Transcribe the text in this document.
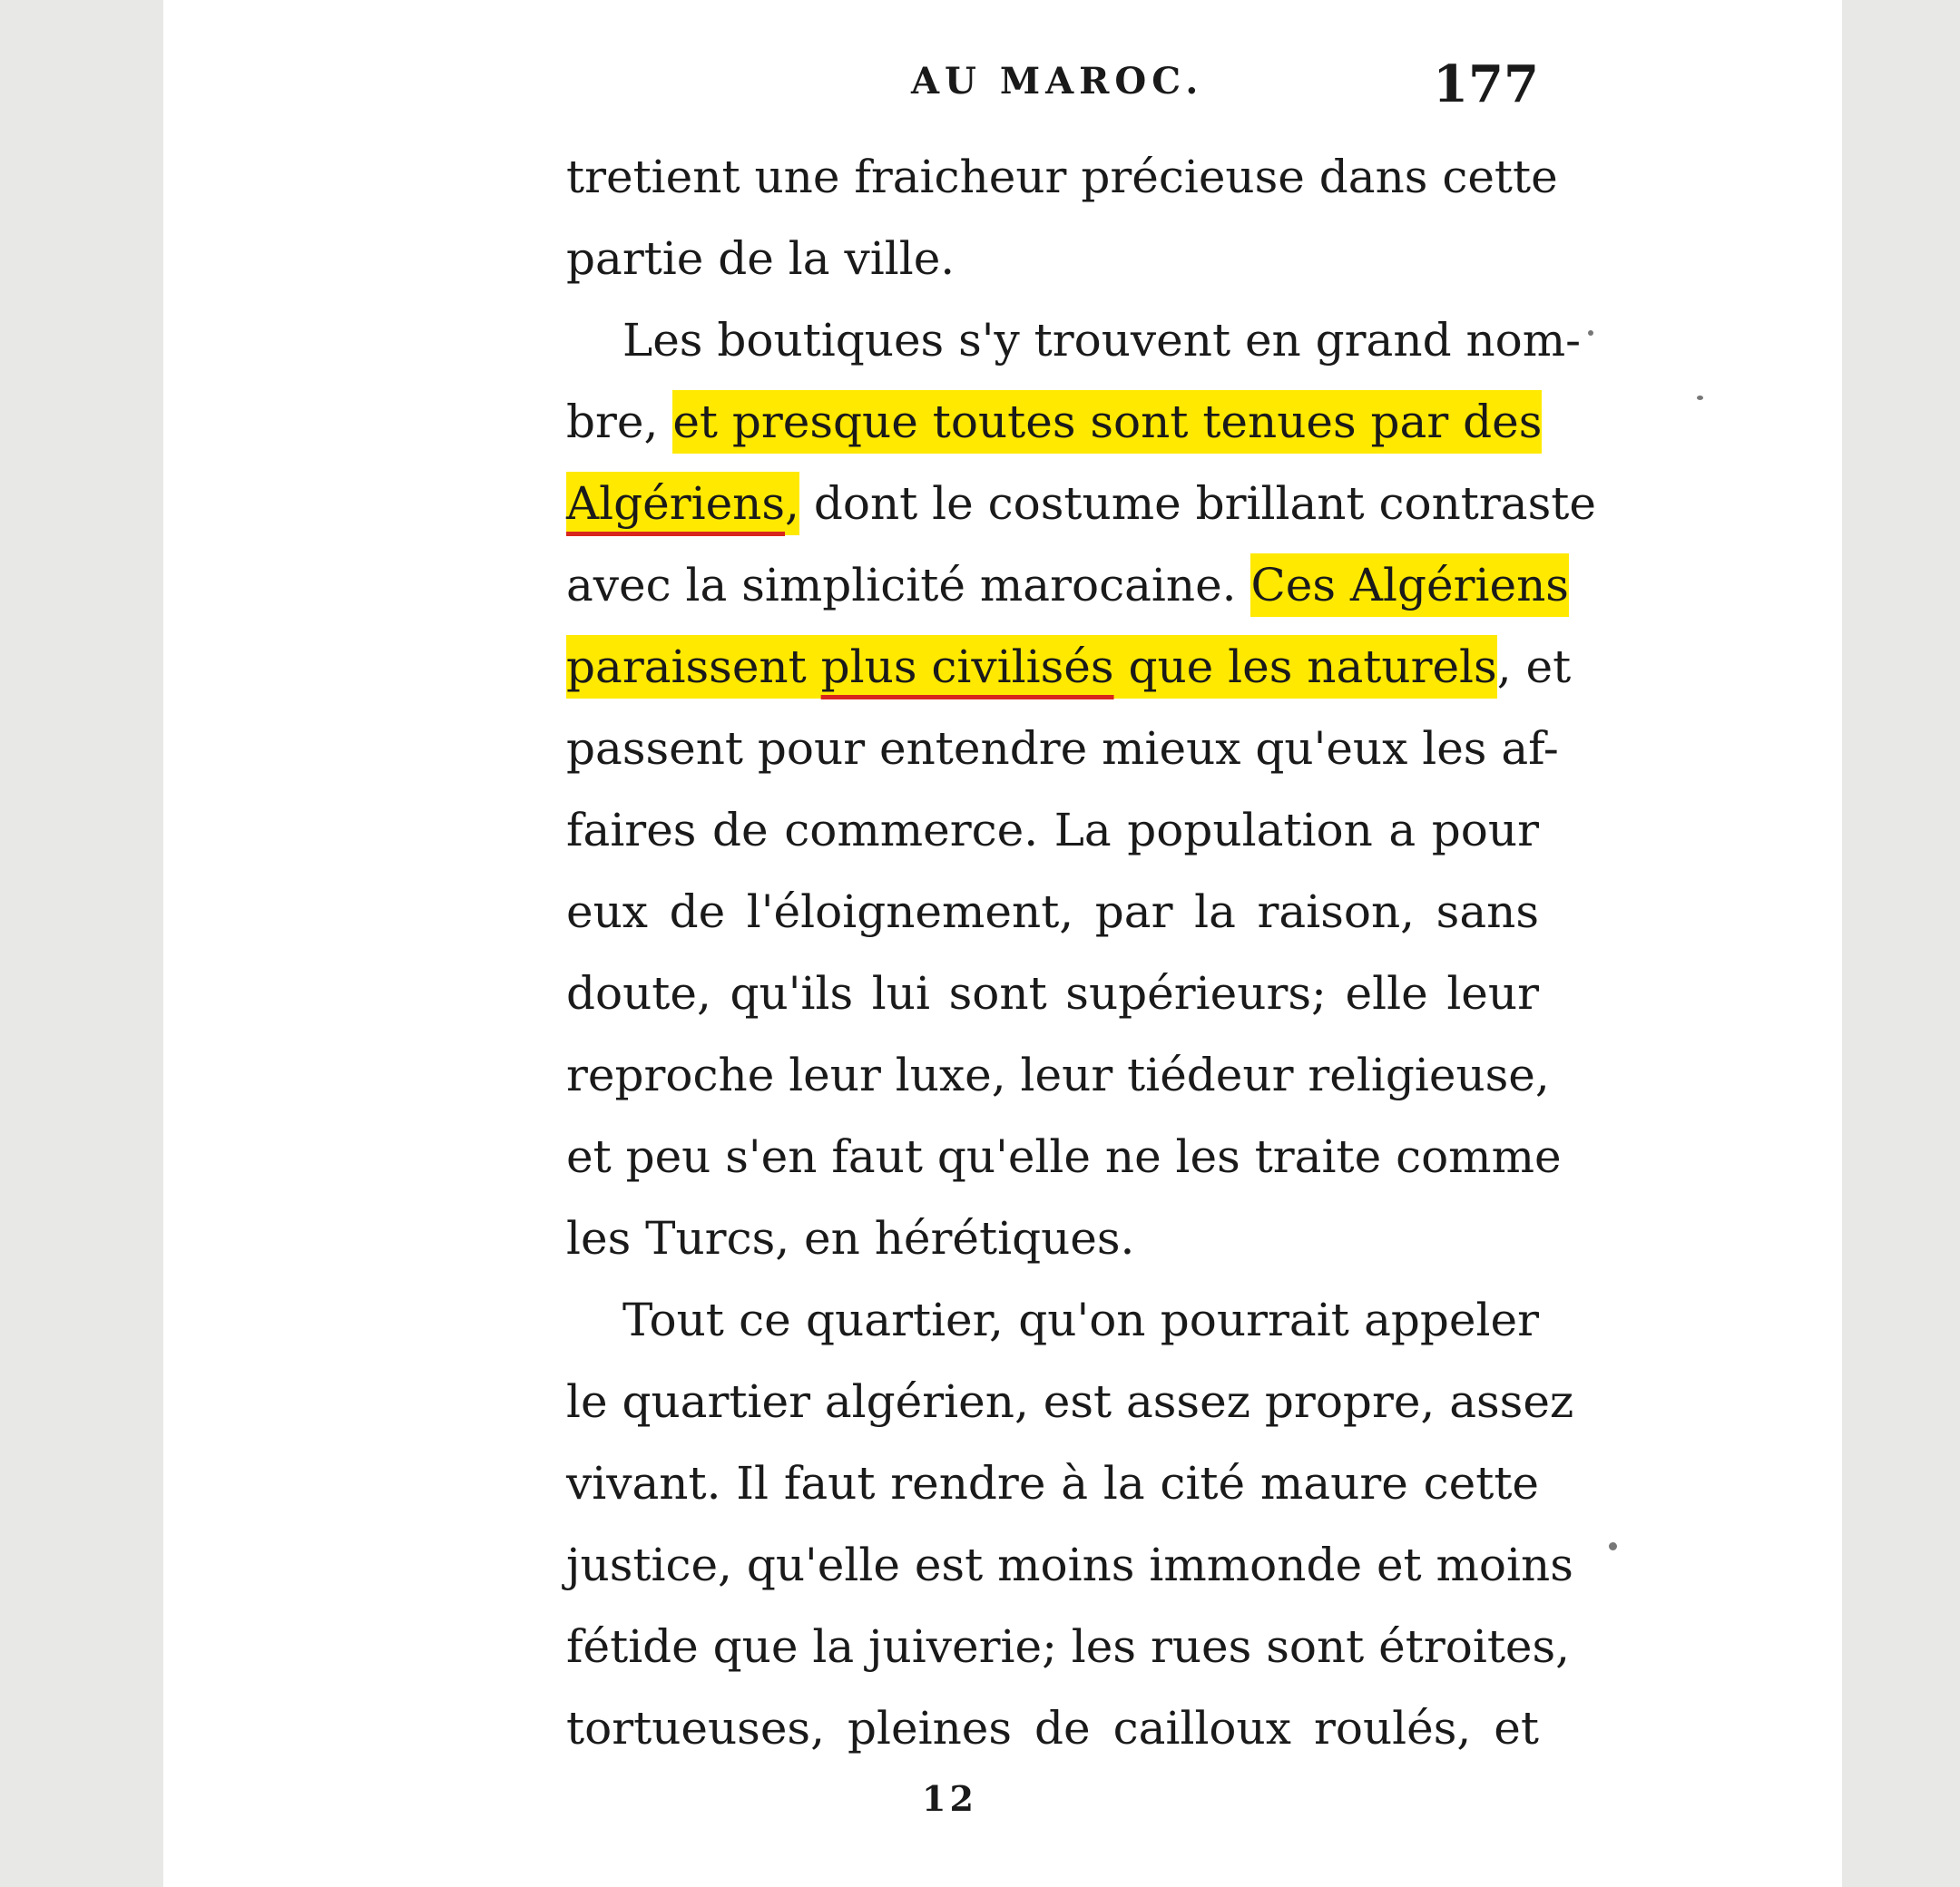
AU MAROC.	177
tretient une fraicheur précieuse dans cette
partie de la ville.
Les boutiques s'y trouvent en grand nom-
bre, et presque toutes sont tenues par des
Algériens, dont le costume brillant contraste
avec la simplicité marocaine. Ces Algériens
paraissent plus civilisés que les naturels, et
passent pour entendre mieux qu'eux les af-
faires de commerce. La population a pour
eux de l'éloignement, par la raison, sans
doute, qu'ils lui sont supérieurs; elle leur
reproche leur luxe, leur tiédeur religieuse,
et peu s'en faut qu'elle ne les traite comme
les Turcs, en hérétiques.
Tout ce quartier, qu'on pourrait appeler
le quartier algérien, est assez propre, assez
vivant. Il faut rendre à la cité maure cette
justice, qu'elle est moins immonde et moins
fétide que la juiverie; les rues sont étroites,
tortueuses, pleines de cailloux roulés, et
12
